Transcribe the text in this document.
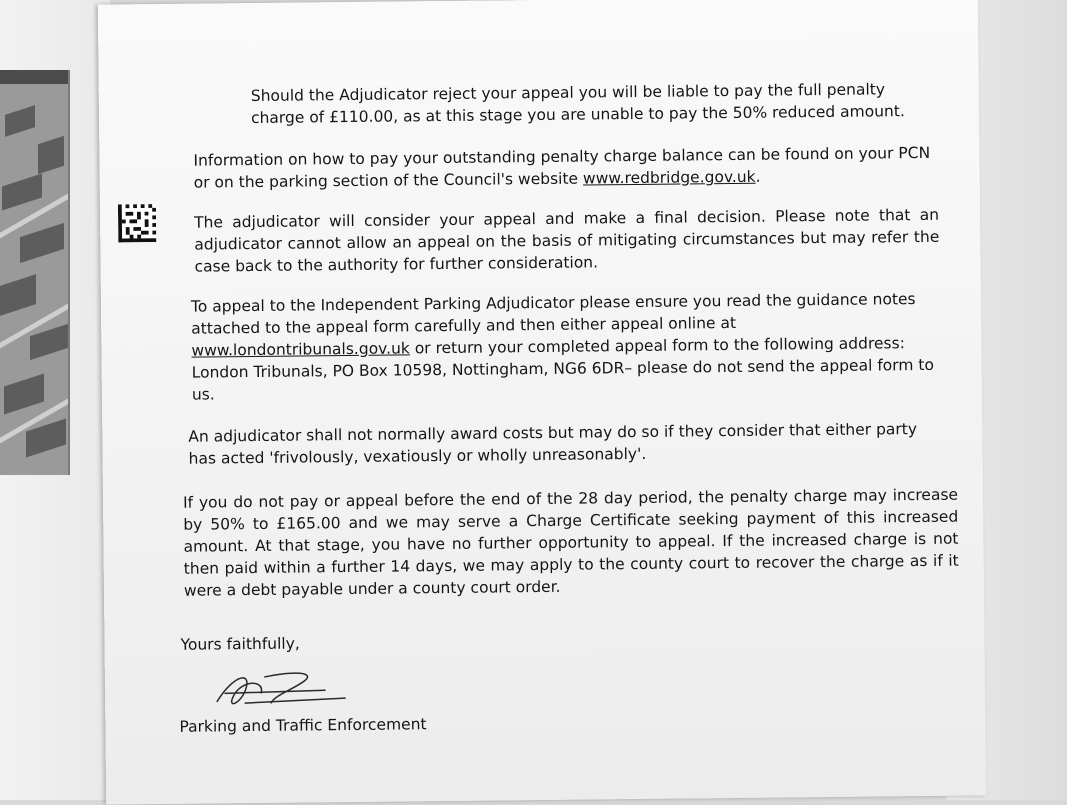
Should the Adjudicator reject your appeal you will be liable to pay the full penalty charge of £110.00, as at this stage you are unable to pay the 50% reduced amount.

Information on how to pay your outstanding penalty charge balance can be found on your PCN or on the parking section of the Council's website www.redbridge.gov.uk.

The adjudicator will consider your appeal and make a final decision. Please note that an adjudicator cannot allow an appeal on the basis of mitigating circumstances but may refer the case back to the authority for further consideration.

To appeal to the Independent Parking Adjudicator please ensure you read the guidance notes attached to the appeal form carefully and then either appeal online at www.londontribunals.gov.uk or return your completed appeal form to the following address: London Tribunals, PO Box 10598, Nottingham, NG6 6DR– please do not send the appeal form to us.

An adjudicator shall not normally award costs but may do so if they consider that either party has acted 'frivolously, vexatiously or wholly unreasonably'.

If you do not pay or appeal before the end of the 28 day period, the penalty charge may increase by 50% to £165.00 and we may serve a Charge Certificate seeking payment of this increased amount. At that stage, you have no further opportunity to appeal. If the increased charge is not then paid within a further 14 days, we may apply to the county court to recover the charge as if it were a debt payable under a county court order.

Yours faithfully,

Parking and Traffic Enforcement
